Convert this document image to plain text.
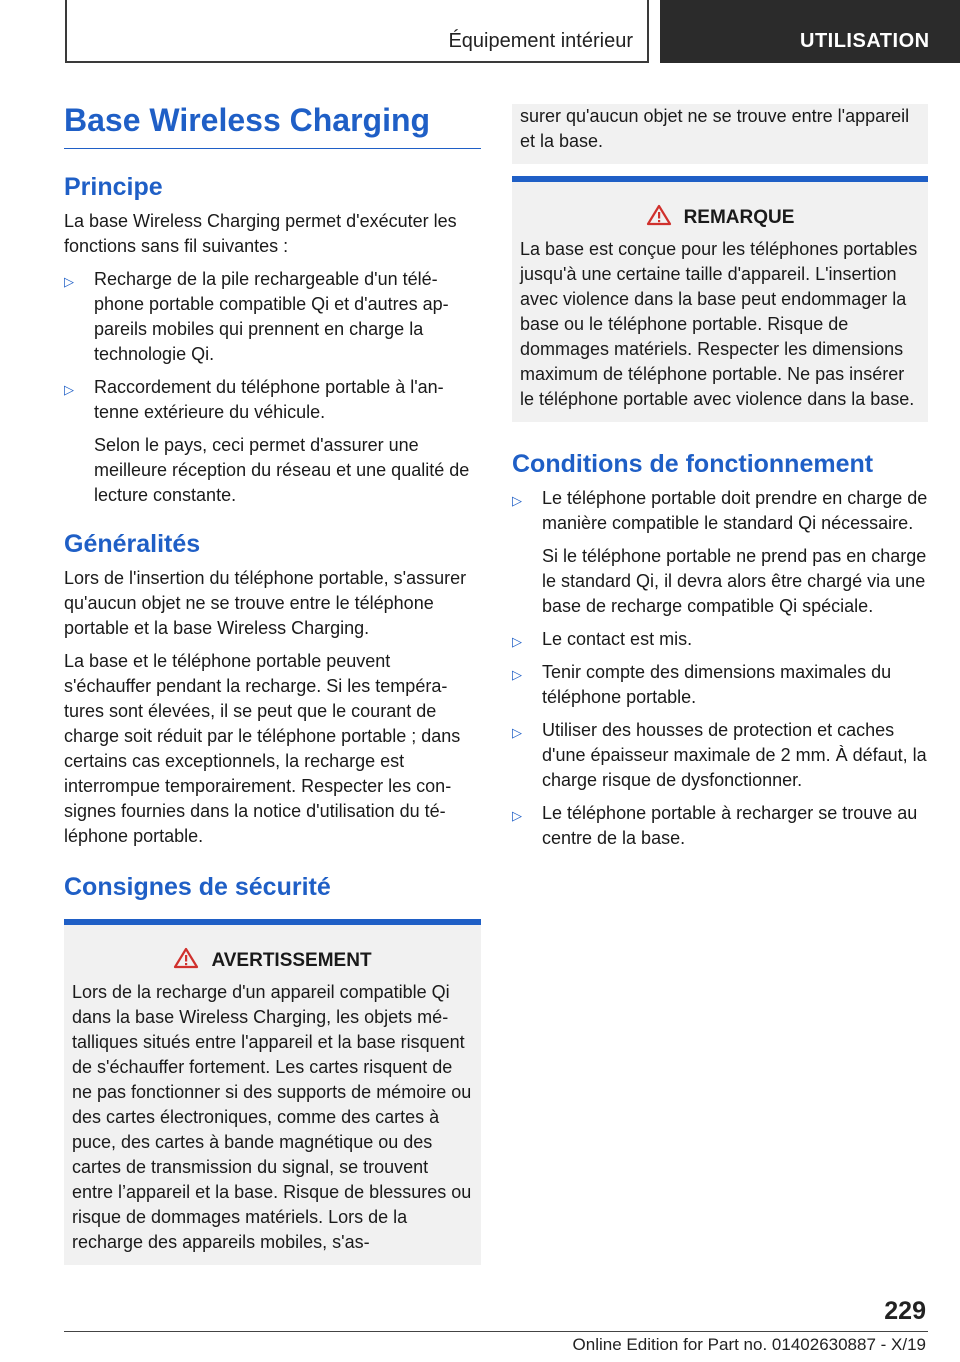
Équipement intérieur	UTILISATION
Base Wireless Charging
Principe

La base Wireless Charging permet d'exécuter les fonctions sans fil suivantes :

▷ Recharge de la pile rechargeable d'un téléphone portable compatible Qi et d'autres appareils mobiles qui prennent en charge la technologie Qi.
▷ Raccordement du téléphone portable à l'antenne extérieure du véhicule.

Selon le pays, ceci permet d'assurer une meilleure réception du réseau et une qualité de lecture constante.

Généralités

Lors de l'insertion du téléphone portable, s'assurer qu'aucun objet ne se trouve entre le téléphone portable et la base Wireless Charging.

La base et le téléphone portable peuvent s'échauffer pendant la recharge. Si les températures sont élevées, il se peut que le courant de charge soit réduit par le téléphone portable ; dans certains cas exceptionnels, la recharge est interrompue temporairement. Respecter les consignes fournies dans la notice d'utilisation du téléphone portable.

Consignes de sécurité
AVERTISSEMENT

Lors de la recharge d'un appareil compatible Qi dans la base Wireless Charging, les objets métalliques situés entre l'appareil et la base risquent de s'échauffer fortement. Les cartes risquent de ne pas fonctionner si des supports de mémoire ou des cartes électroniques, comme des cartes à puce, des cartes à bande magnétique ou des cartes de transmission du signal, se trouvent entre l’appareil et la base. Risque de blessures ou risque de dommages matériels. Lors de la recharge des appareils mobiles, s'as-

surer qu'aucun objet ne se trouve entre l'appareil et la base.

REMARQUE

La base est conçue pour les téléphones portables jusqu'à une certaine taille d'appareil. L'insertion avec violence dans la base peut endommager la base ou le téléphone portable. Risque de dommages matériels. Respecter les dimensions maximum de téléphone portable. Ne pas insérer le téléphone portable avec violence dans la base.

Conditions de fonctionnement
▷ Le téléphone portable doit prendre en charge de manière compatible le standard Qi nécessaire.

Si le téléphone portable ne prend pas en charge le standard Qi, il devra alors être chargé via une base de recharge compatible Qi spéciale.

▷ Le contact est mis.
▷ Tenir compte des dimensions maximales du téléphone portable.
▷ Utiliser des housses de protection et caches d'une épaisseur maximale de 2 mm. À défaut, la charge risque de dysfonctionner.
▷ Le téléphone portable à recharger se trouve au centre de la base.
229
Online Edition for Part no. 01402630887 - X/19
